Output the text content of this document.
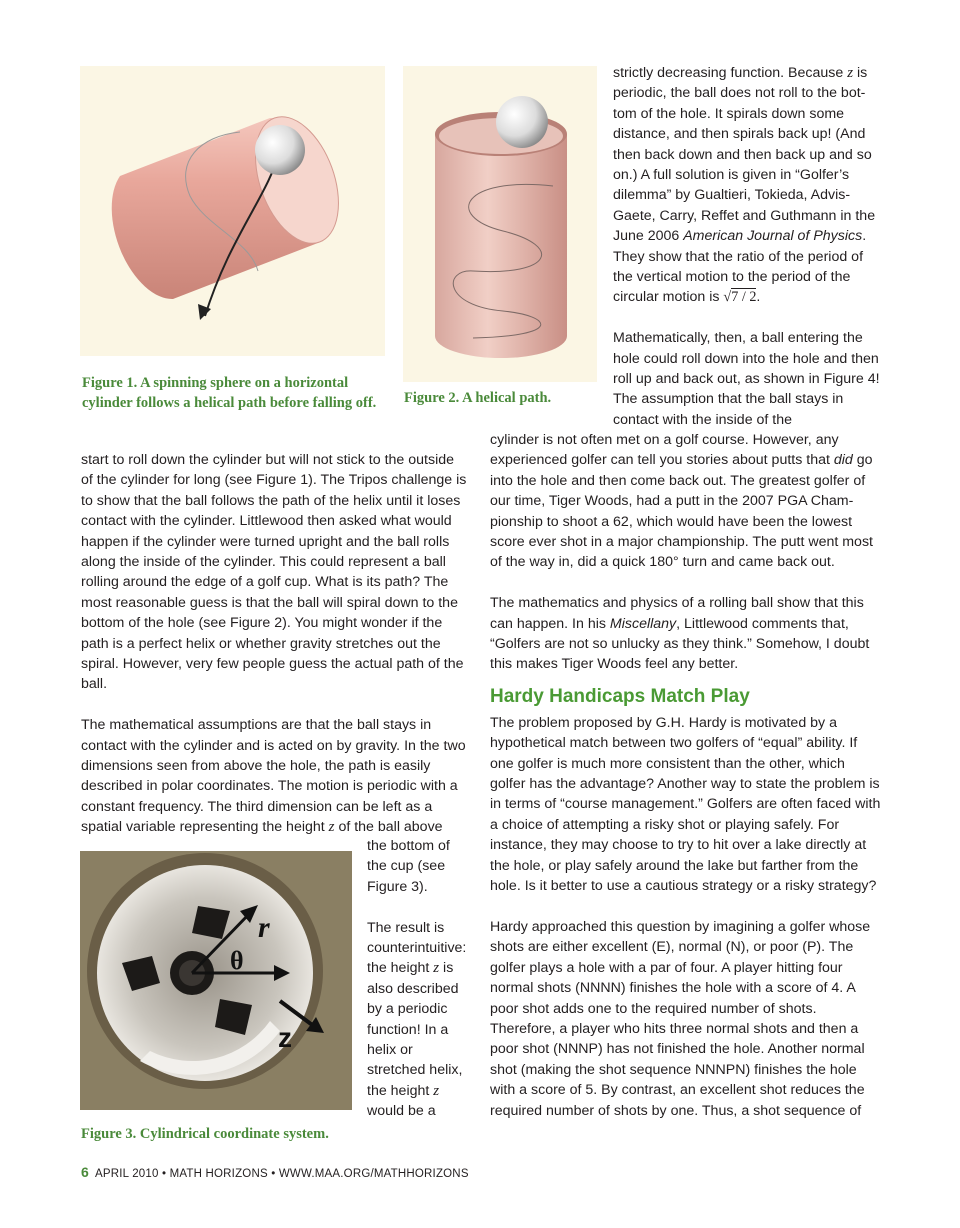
Figure 1. A spinning sphere on a horizontal cylinder follows a helical path before falling off.	Figure 2. A helical path.

strictly decreasing function. Because z is periodic, the ball does not roll to the bottom of the hole. It spirals down some distance, and then spirals back up! (And then back down and then back up and so on.) A full solution is given in “Golfer’s dilemma” by Gualtieri, Tokieda, Advis-Gaete, Carry, Reffet and Guthmann in the June 2006 American Journal of Physics. They show that the ratio of the period of the vertical motion to the period of the circular motion is √7 / 2.

Mathematically, then, a ball entering the hole could roll down into the hole and then roll up and back out, as shown in Figure 4! The assumption that the ball stays in contact with the inside of the

start to roll down the cylinder but will not stick to the outside of the cylinder for long (see Figure 1). The Tripos challenge is to show that the ball follows the path of the helix until it loses contact with the cylinder. Littlewood then asked what would happen if the cylinder were turned upright and the ball rolls along the inside of the cylinder. This could represent a ball rolling around the edge of a golf cup. What is its path? The most reasonable guess is that the ball will spiral down to the bottom of the hole (see Figure 2). You might wonder if the path is a perfect helix or whether gravity stretches out the spiral. However, very few people guess the actual path of the ball.

The mathematical assumptions are that the ball stays in contact with the cylinder and is acted on by gravity. In the two dimensions seen from above the hole, the path is easily described in polar coordinates. The motion is periodic with a constant frequency. The third dimension can be left as a spatial variable representing the height z of the ball above

r
θ
z

Figure 3. Cylindrical coordinate system.

the bottom of the cup (see Figure 3).

The result is counterintuitive: the height z is also described by a periodic function! In a helix or stretched helix, the height z would be a

cylinder is not often met on a golf course. However, any experienced golfer can tell you stories about putts that did go into the hole and then come back out. The greatest golfer of our time, Tiger Woods, had a putt in the 2007 PGA Championship to shoot a 62, which would have been the lowest score ever shot in a major championship. The putt went most of the way in, did a quick 180° turn and came back out.

The mathematics and physics of a rolling ball show that this can happen. In his Miscellany, Littlewood comments that, “Golfers are not so unlucky as they think.” Somehow, I doubt this makes Tiger Woods feel any better.

Hardy Handicaps Match Play

The problem proposed by G.H. Hardy is motivated by a hypothetical match between two golfers of “equal” ability. If one golfer is much more consistent than the other, which golfer has the advantage? Another way to state the problem is in terms of “course management.” Golfers are often faced with a choice of attempting a risky shot or playing safely. For instance, they may choose to try to hit over a lake directly at the hole, or play safely around the lake but farther from the hole. Is it better to use a cautious strategy or a risky strategy?

Hardy approached this question by imagining a golfer whose shots are either excellent (E), normal (N), or poor (P). The golfer plays a hole with a par of four. A player hitting four normal shots (NNNN) finishes the hole with a score of 4. A poor shot adds one to the required number of shots. Therefore, a player who hits three normal shots and then a poor shot (NNNP) has not finished the hole. Another normal shot (making the shot sequence NNNPN) finishes the hole with a score of 5. By contrast, an excellent shot reduces the required number of shots by one. Thus, a shot sequence of

6 APRIL 2010 • MATH HORIZONS • WWW.MAA.ORG/MATHHORIZONS
